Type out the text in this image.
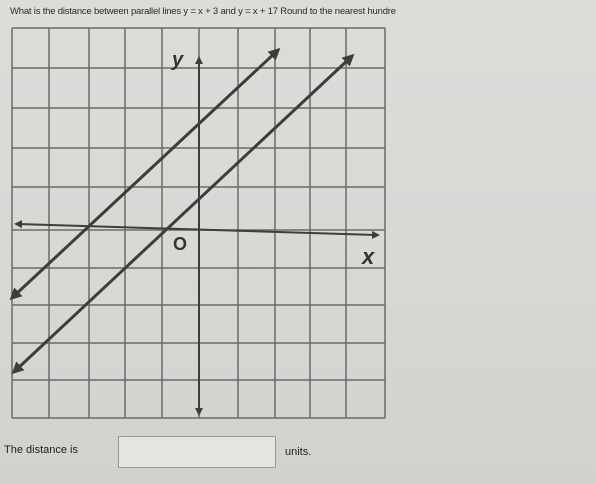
What is the distance between parallel lines y = x + 3 and y = x + 17 Round to the nearest hundre
y
x
O
The distance is	units.
